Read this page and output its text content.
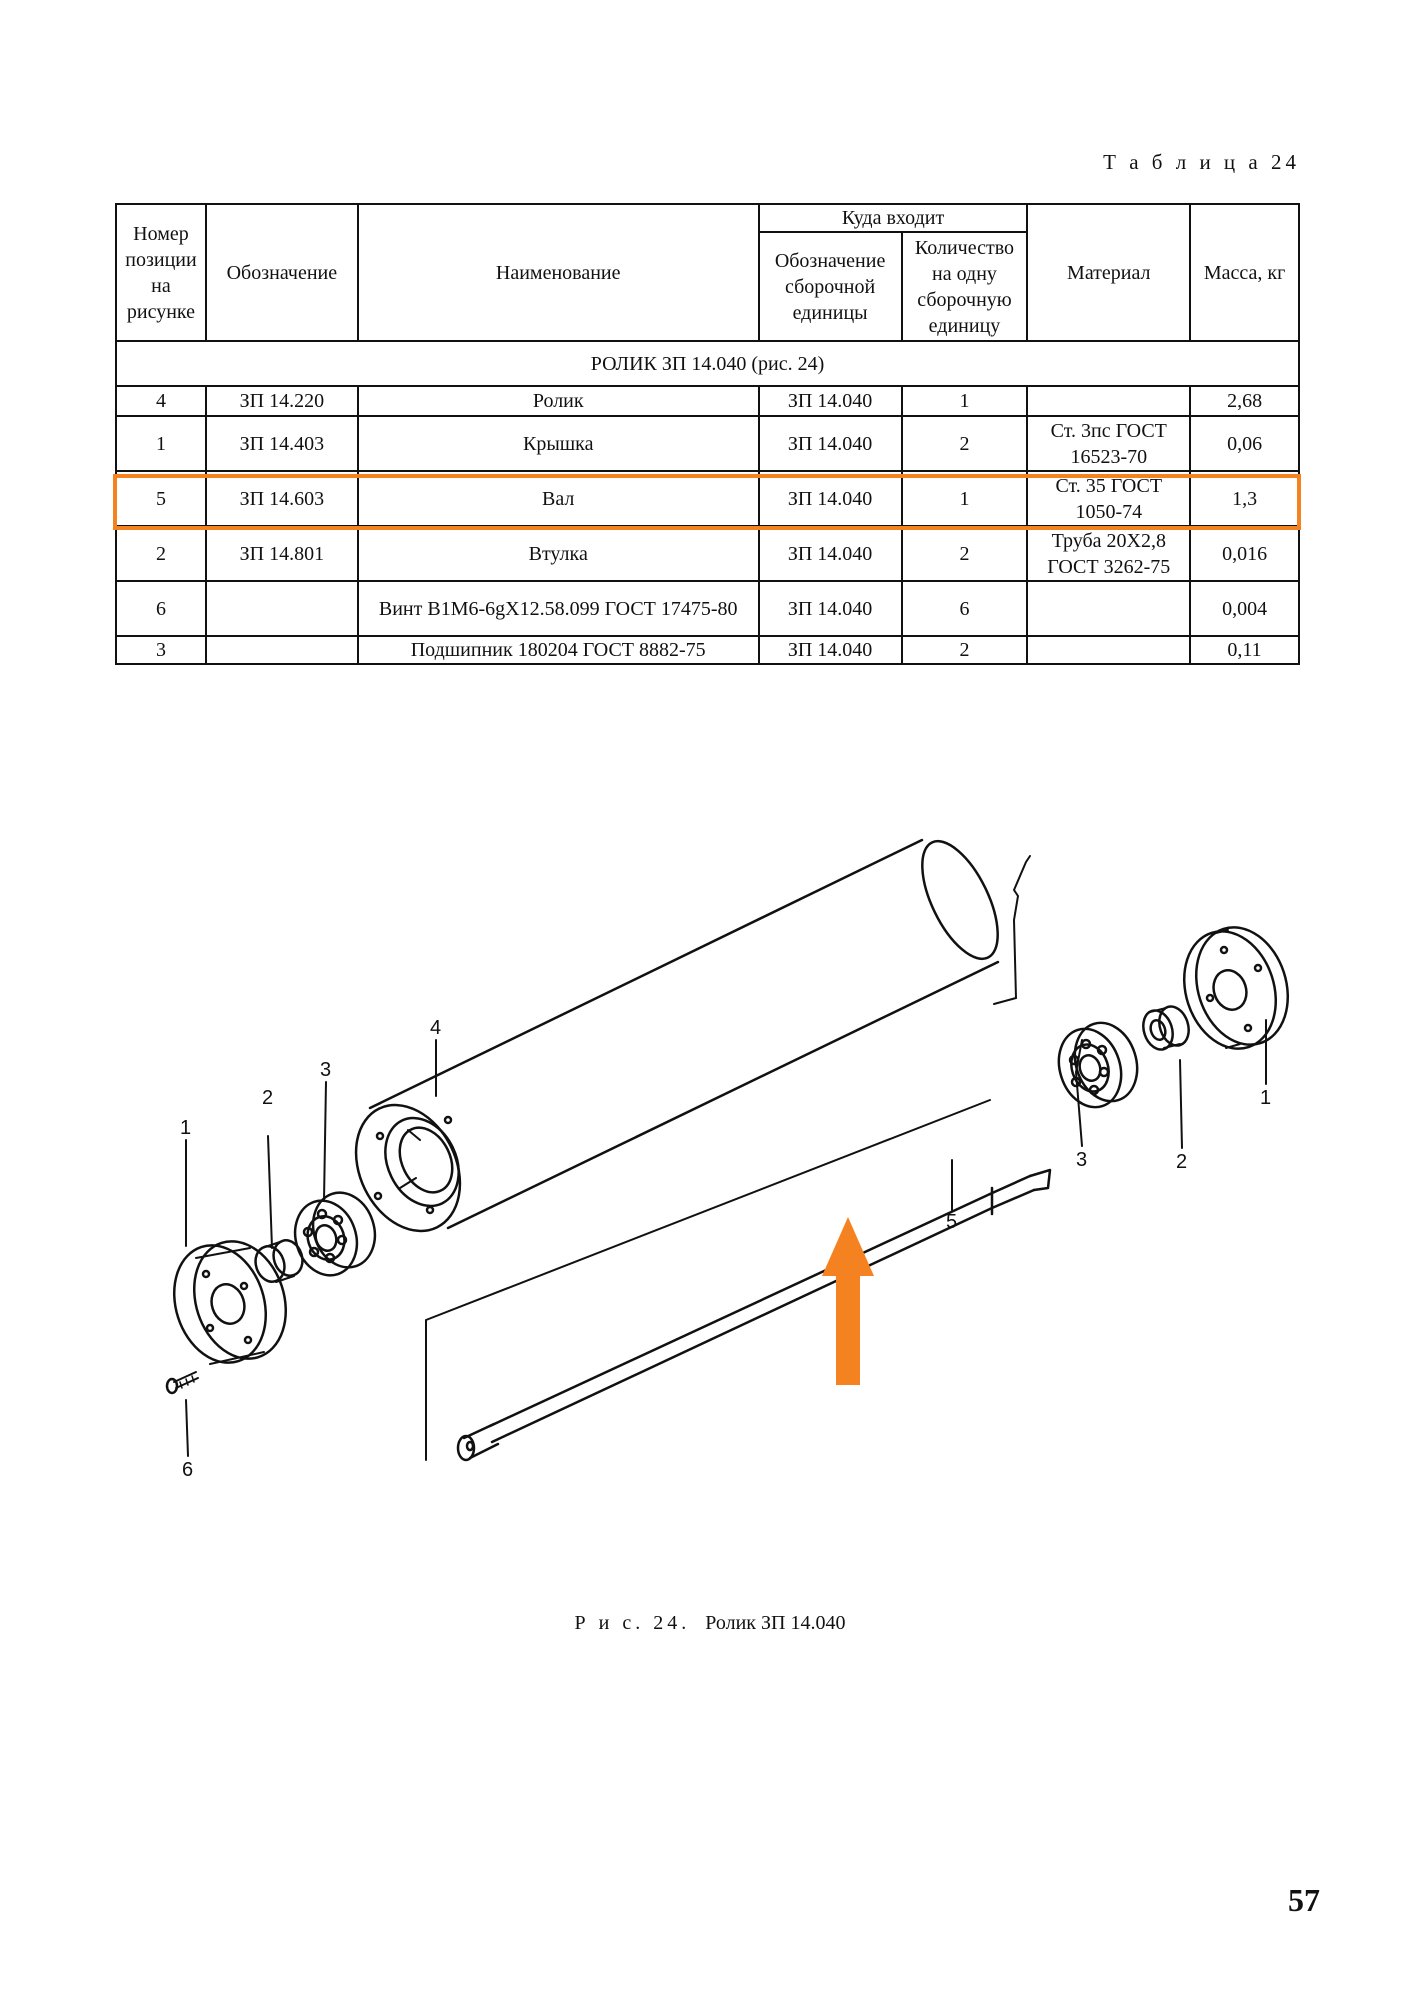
Т а б л и ц а 24
Номер позиции на рисунке	Обозначение	Наименование	Куда входит		Материал	Масса, кг
			Обозначение сборочной единицы	Количество на одну сборочную единицу		
РОЛИК ЗП 14.040 (рис. 24)						
4	ЗП 14.220	Ролик	ЗП 14.040	1		2,68
1	ЗП 14.403	Крышка	ЗП 14.040	2	Ст. 3пс ГОСТ 16523-70	0,06
5	ЗП 14.603	Вал	ЗП 14.040	1	Ст. 35 ГОСТ 1050-74	1,3
2	ЗП 14.801	Втулка	ЗП 14.040	2	Труба 20Х2,8 ГОСТ 3262-75	0,016
6		Винт В1М6-6gХ12.58.099 ГОСТ 17475-80	ЗП 14.040	6		0,004
3		Подшипник 180204 ГОСТ 8882-75	ЗП 14.040	2		0,11
1
2
3
4
6
5
3	2
1
Р и с. 24. Ролик ЗП 14.040
57
